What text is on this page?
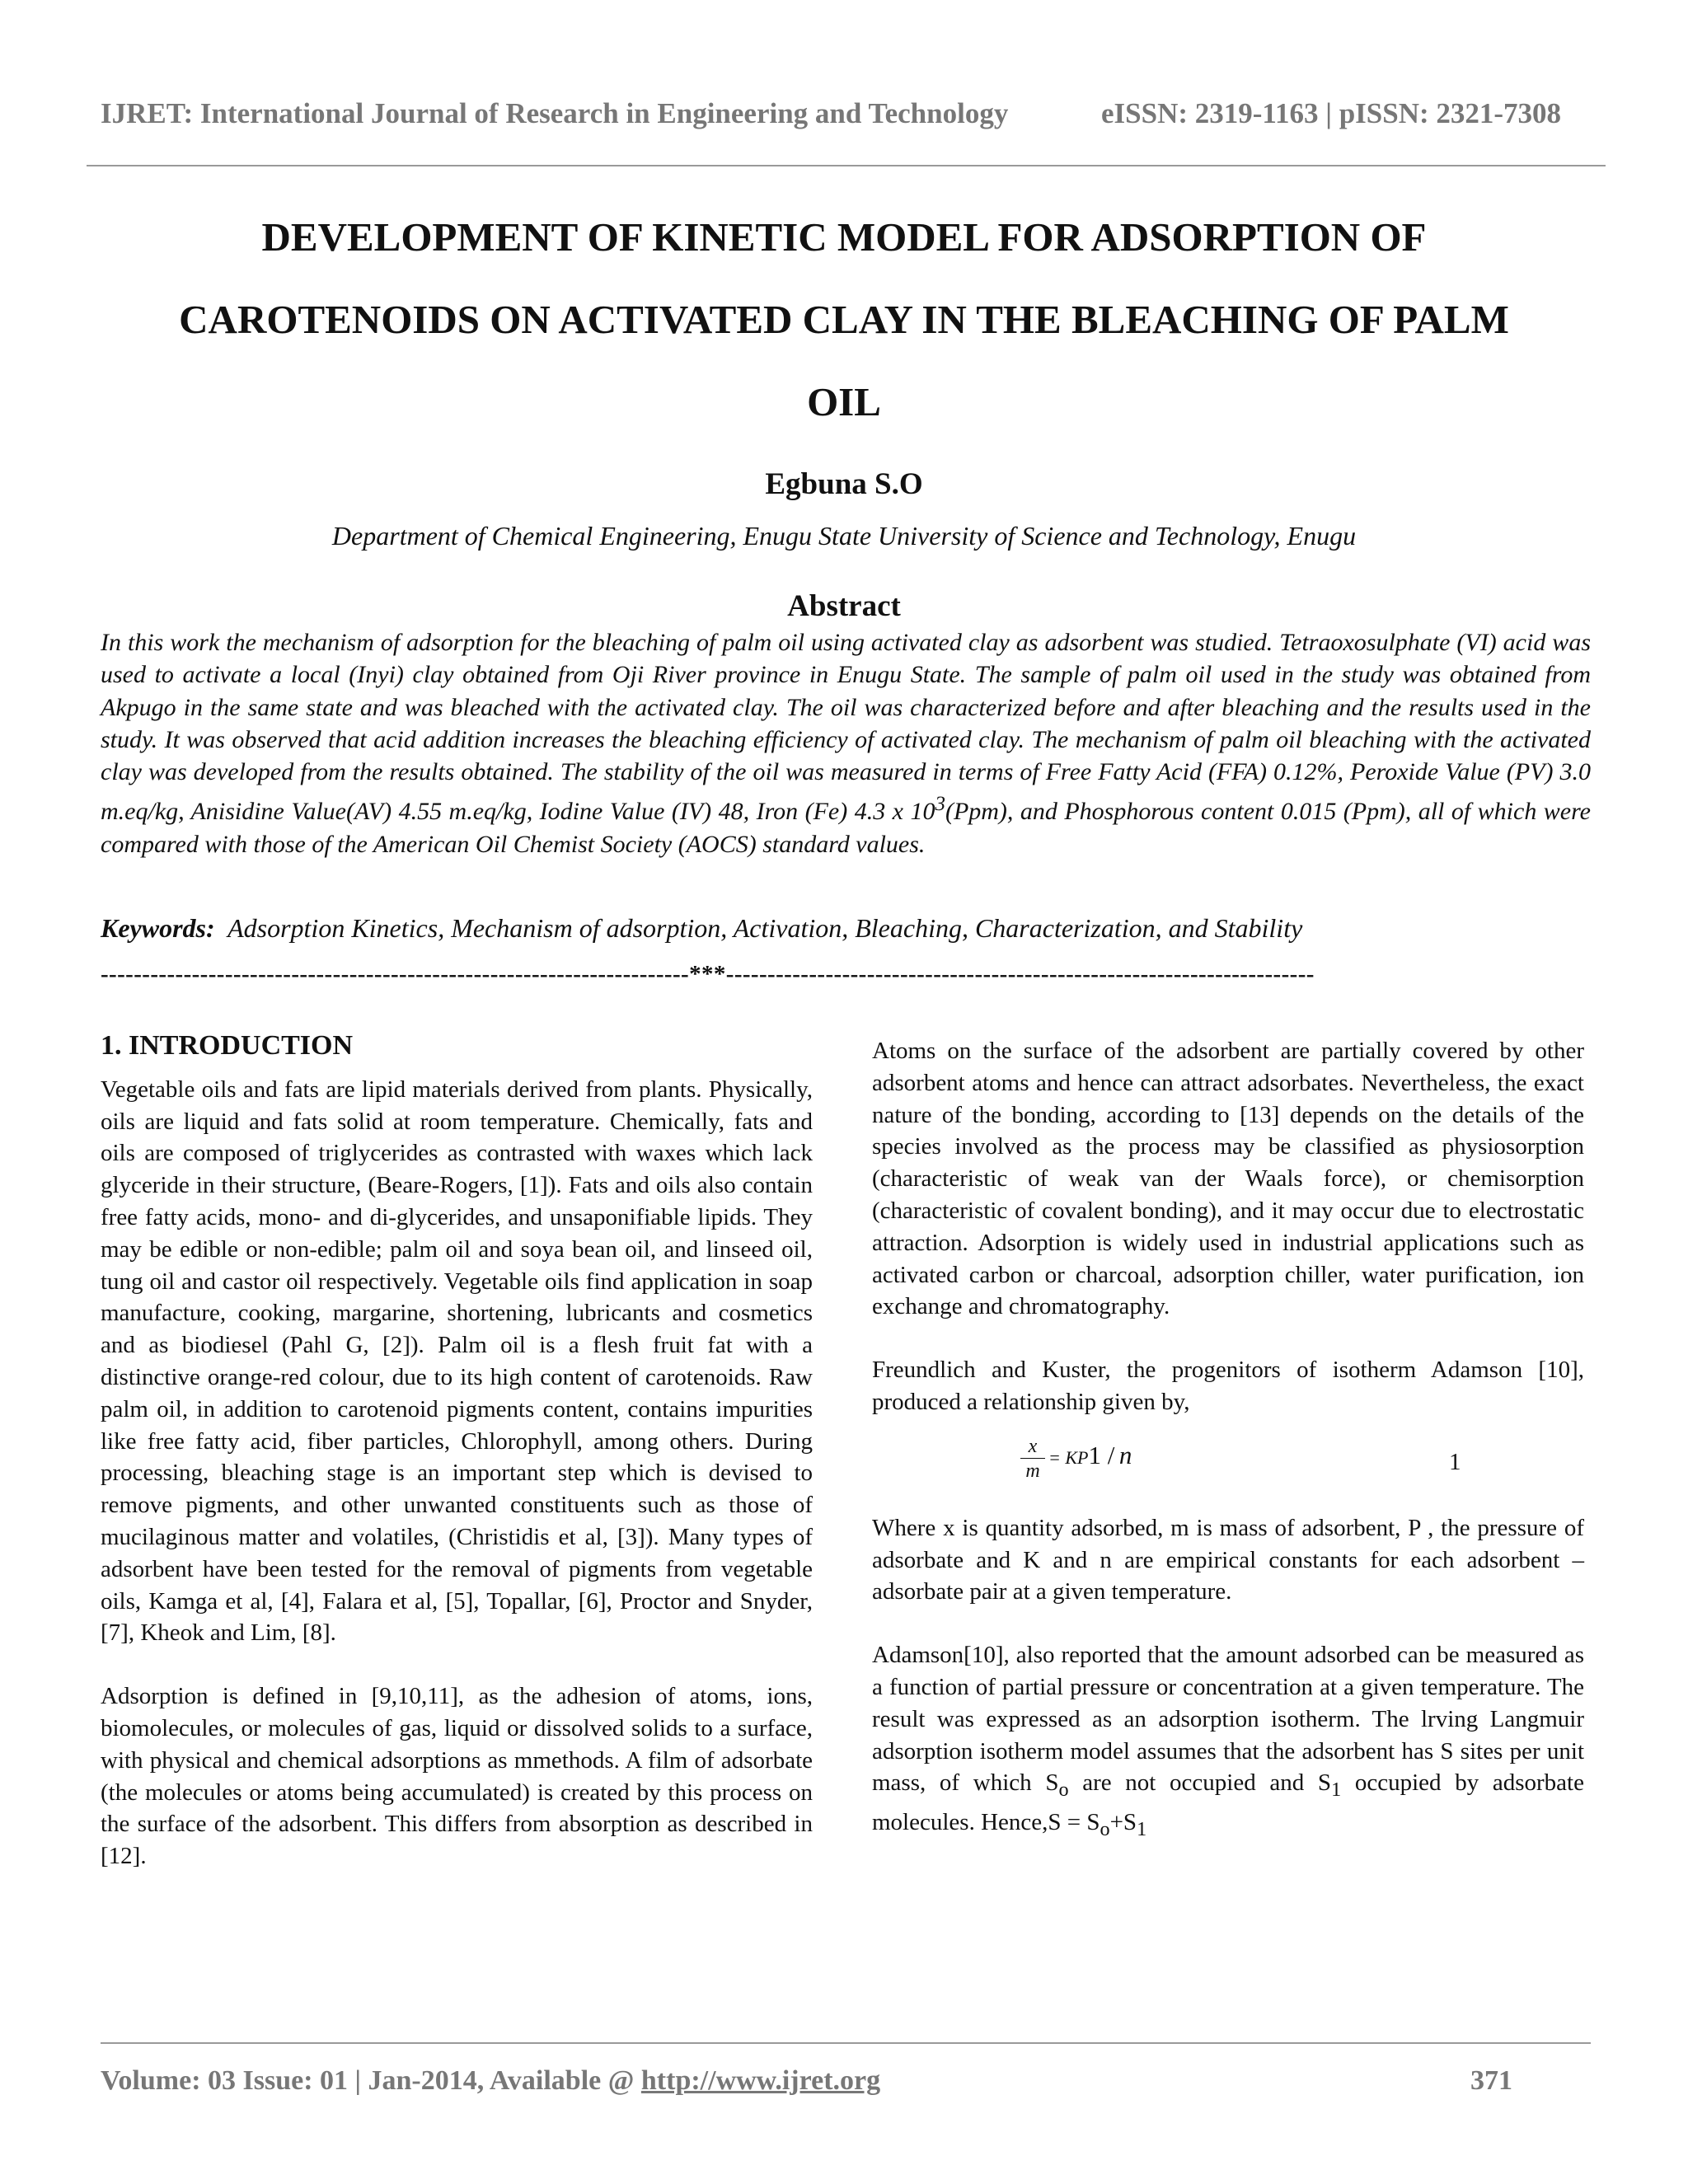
IJRET: International Journal of Research in Engineering and Technology	eISSN: 2319-1163 | pISSN: 2321-7308
DEVELOPMENT OF KINETIC MODEL FOR ADSORPTION OF
CAROTENOIDS ON ACTIVATED CLAY IN THE BLEACHING OF PALM
OIL
Egbuna S.O
Department of Chemical Engineering, Enugu State University of Science and Technology, Enugu
Abstract

In this work the mechanism of adsorption for the bleaching of palm oil using activated clay as adsorbent was studied. Tetraoxosulphate (VI) acid was used to activate a local (Inyi) clay obtained from Oji River province in Enugu State. The sample of palm oil used in the study was obtained from Akpugo in the same state and was bleached with the activated clay. The oil was characterized before and after bleaching and the results used in the study. It was observed that acid addition increases the bleaching efficiency of activated clay. The mechanism of palm oil bleaching with the activated clay was developed from the results obtained. The stability of the oil was measured in terms of Free Fatty Acid (FFA) 0.12%, Peroxide Value (PV) 3.0 m.eq/kg, Anisidine Value(AV) 4.55 m.eq/kg, Iodine Value (IV) 48, Iron (Fe) 4.3 x $10^3(Ppm)$, and Phosphorous content 0.015 (Ppm), all of which were compared with those of the American Oil Chemist Society (AOCS) standard values.

Keywords: Adsorption Kinetics, Mechanism of adsorption, Activation, Bleaching, Characterization, and Stability
-----------------------------------------------------------------------***-----------------------------------------------------------------------
1. INTRODUCTION

Vegetable oils and fats are lipid materials derived from plants. Physically, oils are liquid and fats solid at room temperature. Chemically, fats and oils are composed of triglycerides as contrasted with waxes which lack glyceride in their structure, (Beare-Rogers, [1]). Fats and oils also contain free fatty acids, mono- and di-glycerides, and unsaponifiable lipids. They may be edible or non-edible; palm oil and soya bean oil, and linseed oil, tung oil and castor oil respectively. Vegetable oils find application in soap manufacture, cooking, margarine, shortening, lubricants and cosmetics and as biodiesel (Pahl G, [2]). Palm oil is a flesh fruit fat with a distinctive orange-red colour, due to its high content of carotenoids. Raw palm oil, in addition to carotenoid pigments content, contains impurities like free fatty acid, fiber particles, Chlorophyll, among others. During processing, bleaching stage is an important step which is devised to remove pigments, and other unwanted constituents such as those of mucilaginous matter and volatiles, (Christidis et al, [3]). Many types of adsorbent have been tested for the removal of pigments from vegetable oils, Kamga et al, [4], Falara et al, [5], Topallar, [6], Proctor and Snyder,[7], Kheok and Lim, [8].

Adsorption is defined in [9,10,11], as the adhesion of atoms, ions, biomolecules, or molecules of gas, liquid or dissolved solids to a surface, with physical and chemical adsorptions as mmethods. A film of adsorbate (the molecules or atoms being accumulated) is created by this process on the surface of the adsorbent. This differs from absorption as described in [12].

Atoms on the surface of the adsorbent are partially covered by other adsorbent atoms and hence can attract adsorbates. Nevertheless, the exact nature of the bonding, according to [13] depends on the details of the species involved as the process may be classified as physiosorption (characteristic of weak van der Waals force), or chemisorption (characteristic of covalent bonding), and it may occur due to electrostatic attraction. Adsorption is widely used in industrial applications such as activated carbon or charcoal, adsorption chiller, water purification, ion exchange and chromatography.

Freundlich and Kuster, the progenitors of isotherm Adamson [10], produced a relationship given by,

$\frac{x}{m} = KP1 / n$	1

Where x is quantity adsorbed, m is mass of adsorbent, P , the pressure of adsorbate and K and n are empirical constants for each adsorbent – adsorbate pair at a given temperature.

Adamson[10], also reported that the amount adsorbed can be measured as a function of partial pressure or concentration at a given temperature. The result was expressed as an adsorption isotherm. The lrving Langmuir adsorption isotherm model assumes that the adsorbent has S sites per unit mass, of which $S_o$ are not occupied and $S_1$ occupied by adsorbate molecules. Hence,S = $S_o+S_1$

Volume: 03 Issue: 01 | Jan-2014, Available @ http://www.ijret.org	371
